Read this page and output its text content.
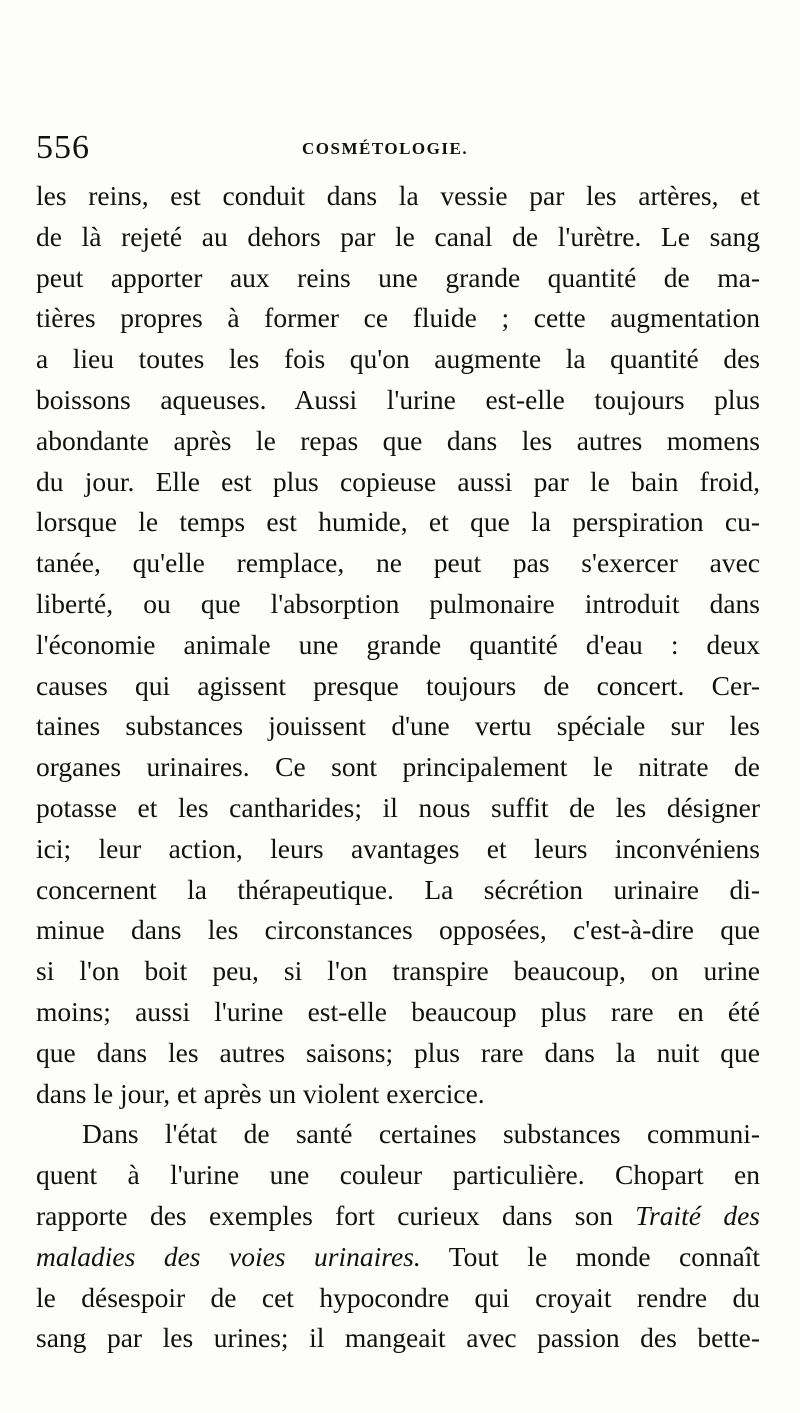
556	COSMÉTOLOGIE.
les reins, est conduit dans la vessie par les artères, et
de là rejeté au dehors par le canal de l'urètre. Le sang
peut apporter aux reins une grande quantité de ma-
tières propres à former ce fluide ; cette augmentation
a lieu toutes les fois qu'on augmente la quantité des
boissons aqueuses. Aussi l'urine est-elle toujours plus
abondante après le repas que dans les autres momens
du jour. Elle est plus copieuse aussi par le bain froid,
lorsque le temps est humide, et que la perspiration cu-
tanée, qu'elle remplace, ne peut pas s'exercer avec
liberté, ou que l'absorption pulmonaire introduit dans
l'économie animale une grande quantité d'eau : deux
causes qui agissent presque toujours de concert. Cer-
taines substances jouissent d'une vertu spéciale sur les
organes urinaires. Ce sont principalement le nitrate de
potasse et les cantharides; il nous suffit de les désigner
ici; leur action, leurs avantages et leurs inconvéniens
concernent la thérapeutique. La sécrétion urinaire di-
minue dans les circonstances opposées, c'est-à-dire que
si l'on boit peu, si l'on transpire beaucoup, on urine
moins; aussi l'urine est-elle beaucoup plus rare en été
que dans les autres saisons; plus rare dans la nuit que
dans le jour, et après un violent exercice.
Dans l'état de santé certaines substances communi-
quent à l'urine une couleur particulière. Chopart en
rapporte des exemples fort curieux dans son Traité des
maladies des voies urinaires. Tout le monde connaît
le désespoir de cet hypocondre qui croyait rendre du
sang par les urines; il mangeait avec passion des bette-
